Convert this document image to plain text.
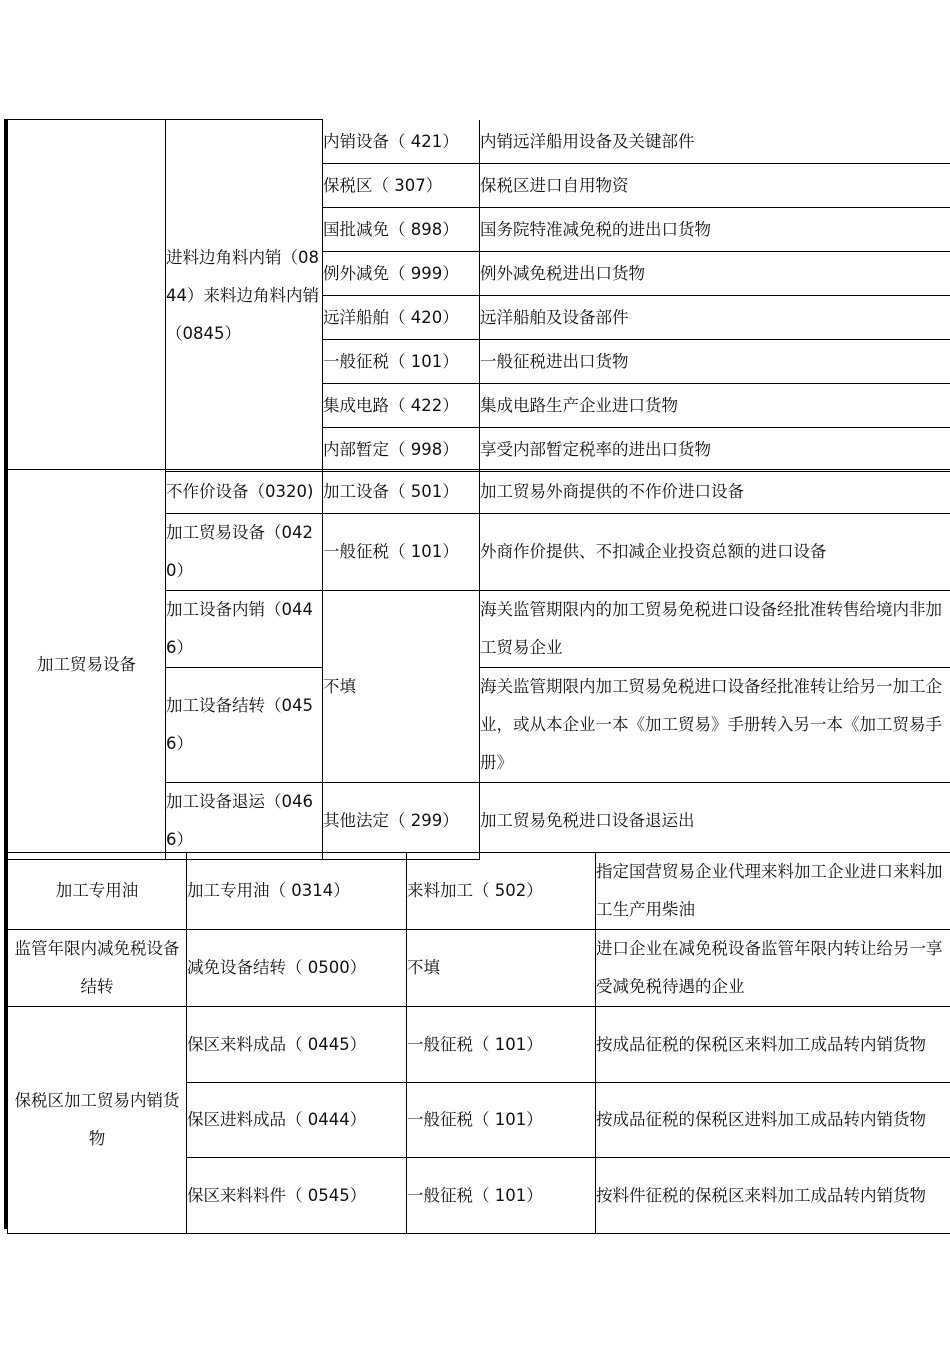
	进料边角料内销（0844）来料边角料内销（0845）	内销设备（ 421）	内销远洋船用设备及关键部件
		保税区（ 307）	保税区进口自用物资
		国批减免（ 898）	国务院特准减免税的进出口货物
		例外减免（ 999）	例外减免税进出口货物
		远洋船舶（ 420）	远洋船舶及设备部件
		一般征税（ 101）	一般征税进出口货物
		集成电路（ 422）	集成电路生产企业进口货物
		内部暂定（ 998）	享受内部暂定税率的进出口货物
加工贸易设备	不作价设备（0320)	加工设备（ 501）	加工贸易外商提供的不作价进口设备
	加工贸易设备（0420）	一般征税（ 101）	外商作价提供、不扣减企业投资总额的进口设备
	加工设备内销（0446）	不填	海关监管期限内的加工贸易免税进口设备经批准转售给境内非加工贸易企业
	加工设备结转（0456）		海关监管期限内加工贸易免税进口设备经批准转让给另一加工企业，或从本企业一本《加工贸易》手册转入另一本《加工贸易手册》
	加工设备退运（0466）	其他法定（ 299）	加工贸易免税进口设备退运出
加工专用油	加工专用油（ 0314）	来料加工（ 502）	指定国营贸易企业代理来料加工企业进口来料加工生产用柴油
监管年限内减免税设备结转	减免设备结转（ 0500）	不填	进口企业在减免税设备监管年限内转让给另一享受减免税待遇的企业
保税区加工贸易内销货物	保区来料成品（ 0445）	一般征税（ 101）	按成品征税的保税区来料加工成品转内销货物
	保区进料成品（ 0444）	一般征税（ 101）	按成品征税的保税区进料加工成品转内销货物
	保区来料料件（ 0545）	一般征税（ 101）	按料件征税的保税区来料加工成品转内销货物
